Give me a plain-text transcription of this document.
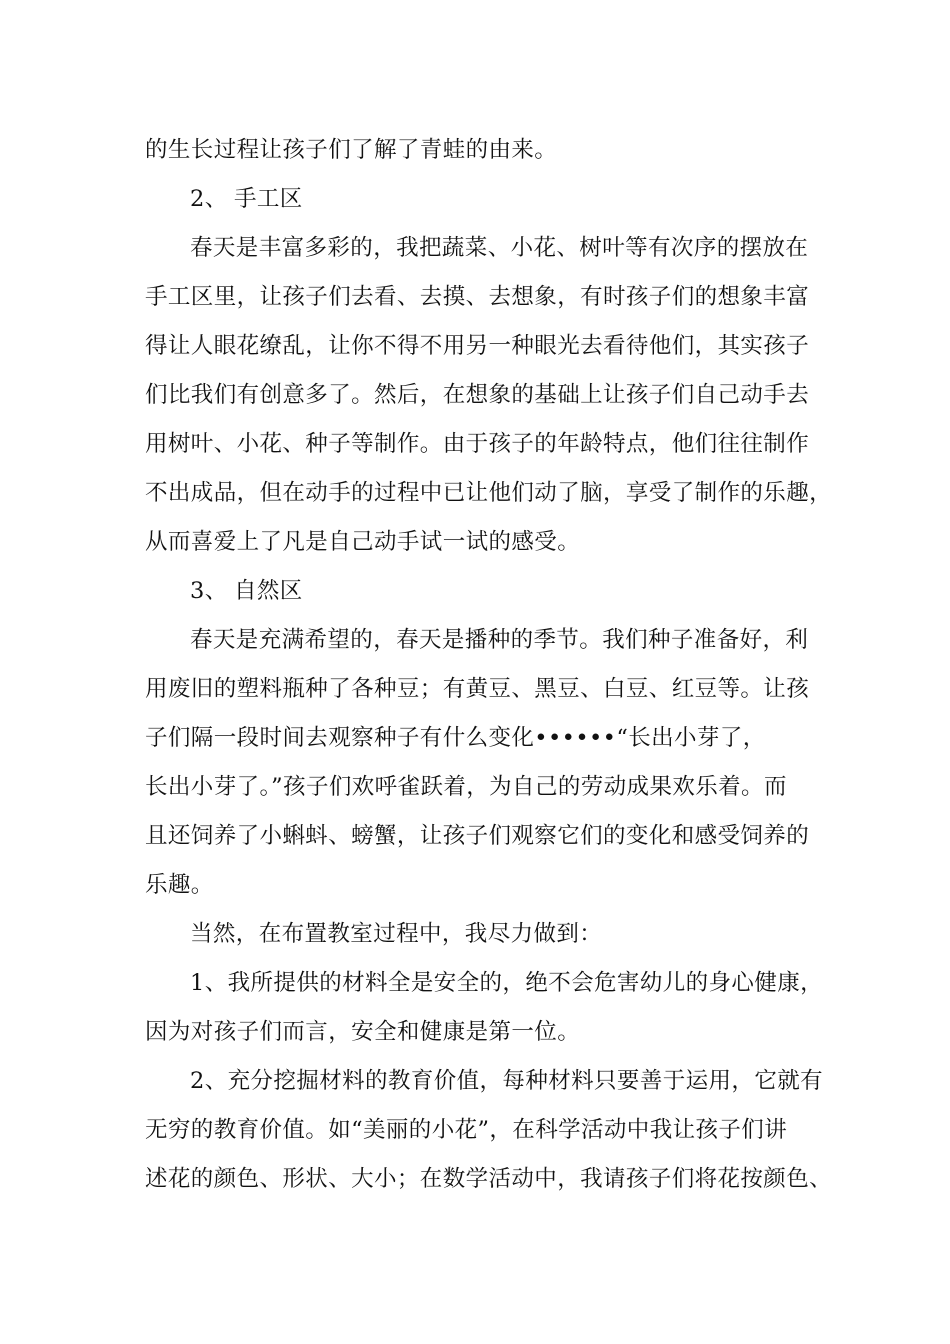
的生长过程让孩子们了解了青蛙的由来。
2、 手工区
春天是丰富多彩的，我把蔬菜、小花、树叶等有次序的摆放在
手工区里，让孩子们去看、去摸、去想象，有时孩子们的想象丰富
得让人眼花缭乱，让你不得不用另一种眼光去看待他们，其实孩子
们比我们有创意多了。然后，在想象的基础上让孩子们自己动手去
用树叶、小花、种子等制作。由于孩子的年龄特点，他们往往制作
不出成品，但在动手的过程中已让他们动了脑，享受了制作的乐趣，
从而喜爱上了凡是自己动手试一试的感受。
3、 自然区
春天是充满希望的，春天是播种的季节。我们种子准备好，利
用废旧的塑料瓶种了各种豆；有黄豆、黑豆、白豆、红豆等。让孩
子们隔一段时间去观察种子有什么变化••••••“长出小芽了，
长出小芽了。”孩子们欢呼雀跃着，为自己的劳动成果欢乐着。而
且还饲养了小蝌蚪、螃蟹，让孩子们观察它们的变化和感受饲养的
乐趣。
当然，在布置教室过程中，我尽力做到：
1、我所提供的材料全是安全的，绝不会危害幼儿的身心健康，
因为对孩子们而言，安全和健康是第一位。
2、充分挖掘材料的教育价值，每种材料只要善于运用，它就有
无穷的教育价值。如“美丽的小花”，在科学活动中我让孩子们讲
述花的颜色、形状、大小；在数学活动中，我请孩子们将花按颜色、
